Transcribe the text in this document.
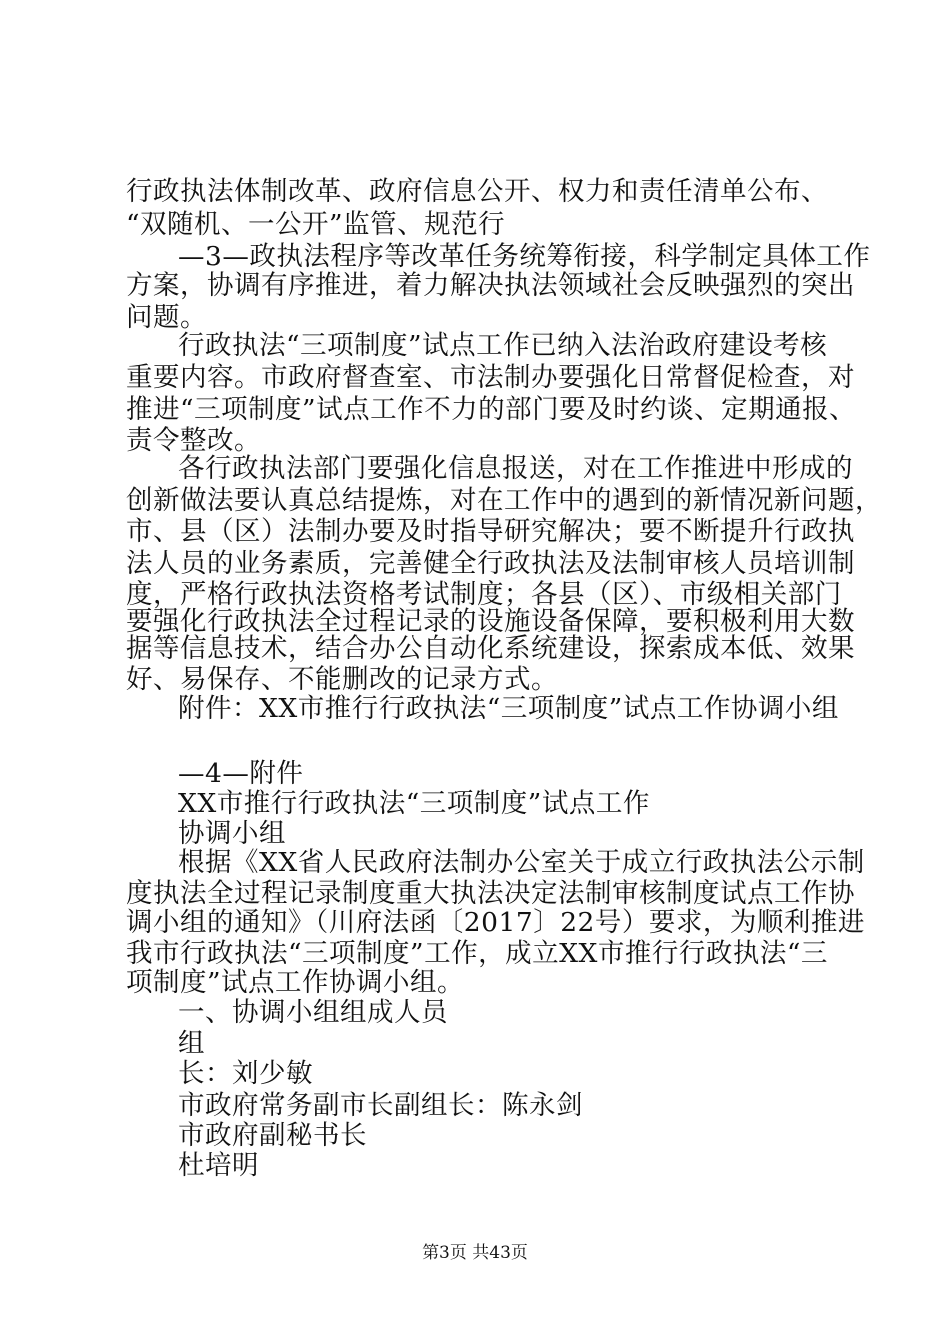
行政执法体制改革、政府信息公开、权力和责任清单公布、
“双随机、一公开”监管、规范行
—3—政执法程序等改革任务统筹衔接，科学制定具体工作
方案，协调有序推进，着力解决执法领域社会反映强烈的突出
问题。
行政执法“三项制度”试点工作已纳入法治政府建设考核
重要内容。市政府督查室、市法制办要强化日常督促检查，对
推进“三项制度”试点工作不力的部门要及时约谈、定期通报、
责令整改。
各行政执法部门要强化信息报送，对在工作推进中形成的
创新做法要认真总结提炼，对在工作中的遇到的新情况新问题，
市、县（区）法制办要及时指导研究解决；要不断提升行政执
法人员的业务素质，完善健全行政执法及法制审核人员培训制
度，严格行政执法资格考试制度；各县（区）、市级相关部门
要强化行政执法全过程记录的设施设备保障，要积极利用大数
据等信息技术，结合办公自动化系统建设，探索成本低、效果
好、易保存、不能删改的记录方式。
附件：XX市推行行政执法“三项制度”试点工作协调小组
—4—附件
XX市推行行政执法“三项制度”试点工作
协调小组
根据《XX省人民政府法制办公室关于成立行政执法公示制
度执法全过程记录制度重大执法决定法制审核制度试点工作协
调小组的通知》（川府法函〔2017〕22号）要求，为顺利推进
我市行政执法“三项制度”工作，成立XX市推行行政执法“三
项制度”试点工作协调小组。
一、协调小组组成人员
组
长：刘少敏
市政府常务副市长副组长：陈永剑
市政府副秘书长
杜培明
第3页 共43页
